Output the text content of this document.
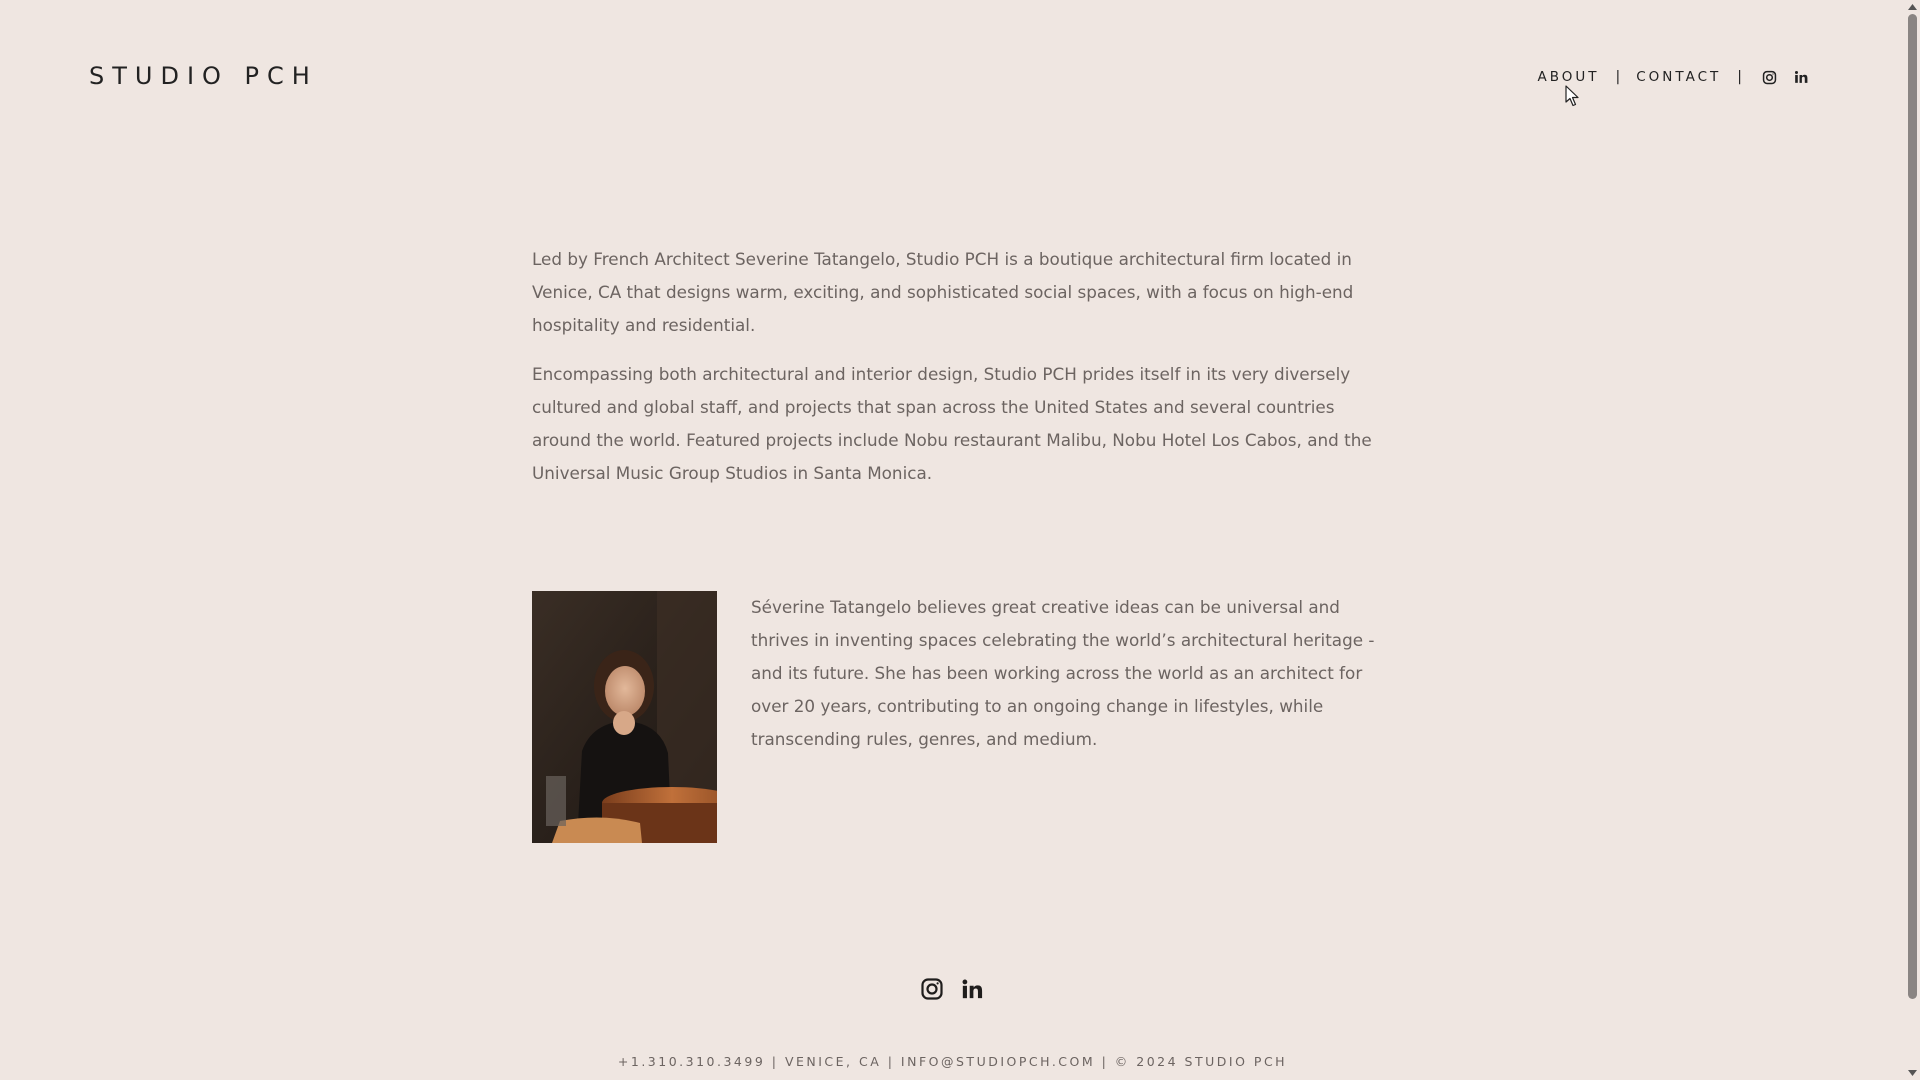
STUDIO PCH	ABOUT | CONTACT |

Led by French Architect Severine Tatangelo, Studio PCH is a boutique architectural firm located in Venice, CA that designs warm, exciting, and sophisticated social spaces, with a focus on high-end hospitality and residential.

Encompassing both architectural and interior design, Studio PCH prides itself in its very diversely cultured and global staff, and projects that span across the United States and several countries around the world. Featured projects include Nobu restaurant Malibu, Nobu Hotel Los Cabos, and the Universal Music Group Studios in Santa Monica.

Séverine Tatangelo believes great creative ideas can be universal and thrives in inventing spaces celebrating the world’s architectural heritage - and its future. She has been working across the world as an architect for over 20 years, contributing to an ongoing change in lifestyles, while transcending rules, genres, and medium.

+1.310.310.3499 | VENICE, CA | INFO@STUDIOPCH.COM | © 2024 STUDIO PCH
